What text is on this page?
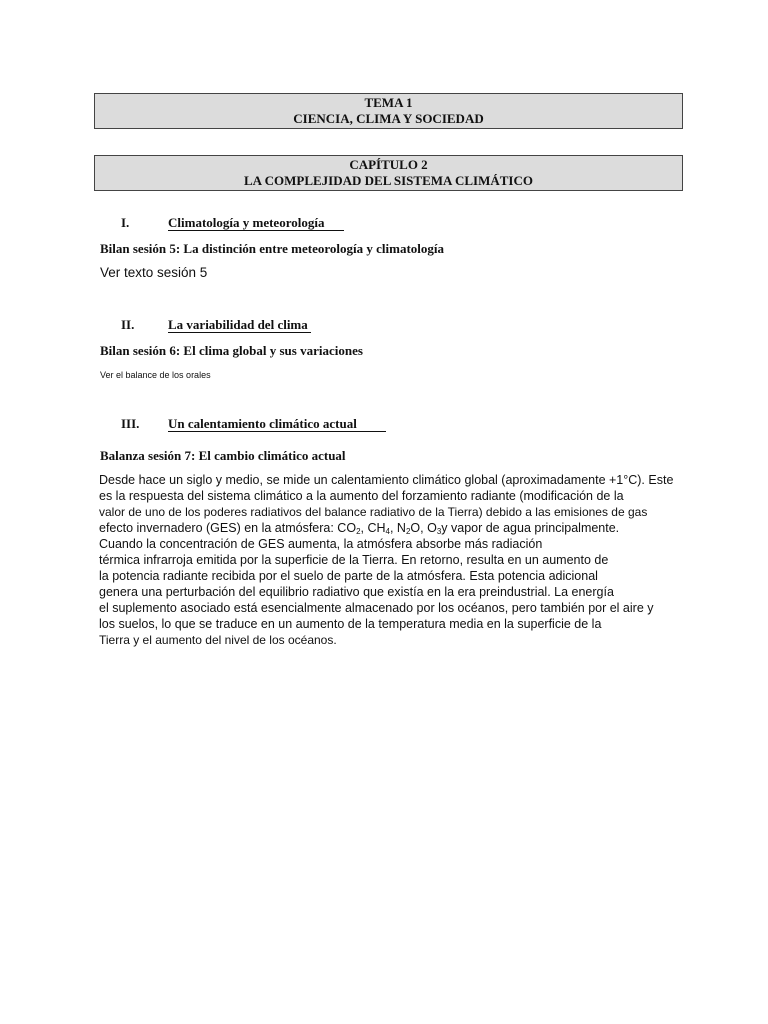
TEMA 1
CIENCIA, CLIMA Y SOCIEDAD
CAPÍTULO 2
LA COMPLEJIDAD DEL SISTEMA CLIMÁTICO
I.	Climatología y meteorología
Bilan sesión 5: La distinción entre meteorología y climatología
Ver texto sesión 5
II.	La variabilidad del clima
Bilan sesión 6: El clima global y sus variaciones
Ver el balance de los orales
III. Un calentamiento climático actual
Balanza sesión 7: El cambio climático actual
Desde hace un siglo y medio, se mide un calentamiento climático global (aproximadamente +1°C). Este
es la respuesta del sistema climático a la aumento del forzamiento radiante (modificación de la
valor de uno de los poderes radiativos del balance radiativo de la Tierra) debido a las emisiones de gas
efecto invernadero (GES) en la atmósfera: $CO_2$, $CH_4$, $N_2O$, $O_3y$ vapor de agua principalmente.
Cuando la concentración de GES aumenta, la atmósfera absorbe más radiación
térmica infrarroja emitida por la superficie de la Tierra. En retorno, resulta en un aumento de
la potencia radiante recibida por el suelo de parte de la atmósfera. Esta potencia adicional
genera una perturbación del equilibrio radiativo que existía en la era preindustrial. La energía
el suplemento asociado está esencialmente almacenado por los océanos, pero también por el aire y
los suelos, lo que se traduce en un aumento de la temperatura media en la superficie de la
Tierra y el aumento del nivel de los océanos.
